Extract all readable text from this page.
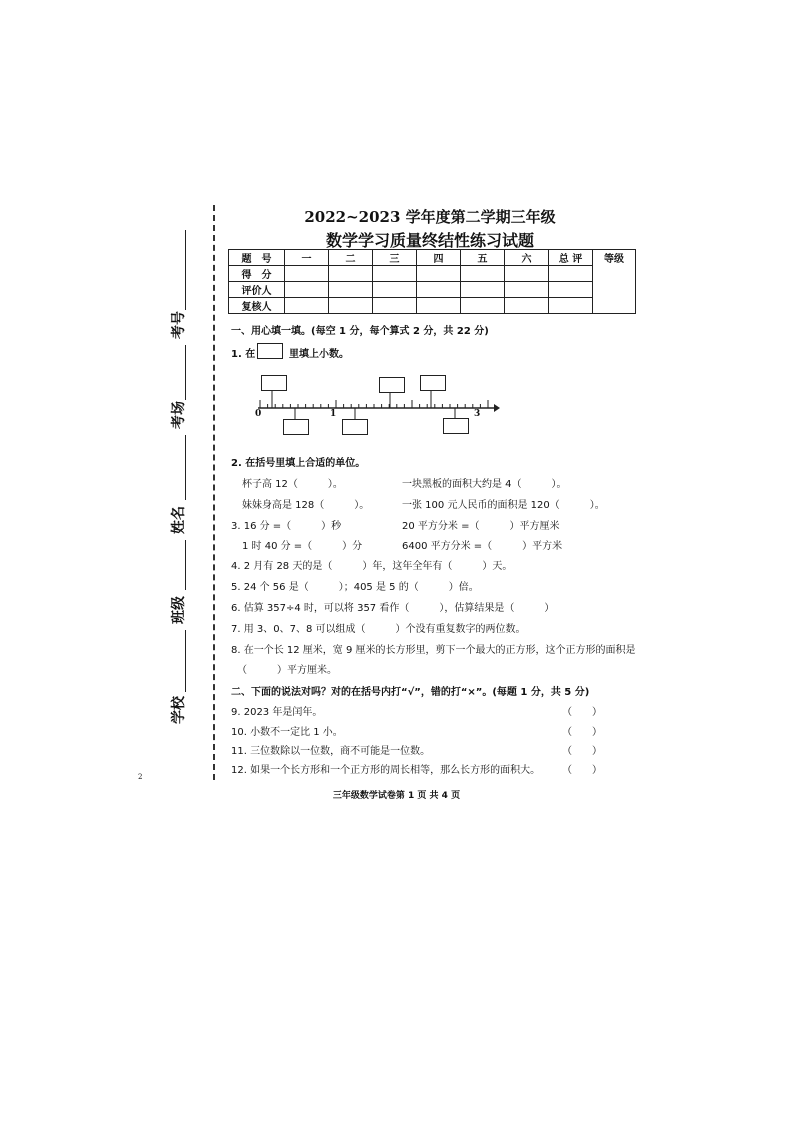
考号
考场
姓名
班级
学校
2
2022~2023 学年度第二学期三年级
数学学习质量终结性练习试题
题　号	一	二	三	四	五	六	总 评	等级
得　分								
评价人								
复核人								
一、用心填一填。(每空 1 分，每个算式 2 分，共 22 分)
1. 在	里填上小数。
0	1	3
2. 在括号里填上合适的单位。
杯子高 12（　　　）。	一块黑板的面积大约是 4（　　　）。
妹妹身高是 128（　　　）。	一张 100 元人民币的面积是 120（　　　）。
3. 16 分 =（　　　）秒	20 平方分米 =（　　　）平方厘米
1 时 40 分 =（　　　）分	6400 平方分米 =（　　　）平方米
4. 2 月有 28 天的是（　　　）年，这年全年有（　　　）天。
5. 24 个 56 是（　　　）；405 是 5 的（　　　）倍。
6. 估算 357÷4 时，可以将 357 看作（　　　），估算结果是（　　　）
7. 用 3、0、7、8 可以组成（　　　）个没有重复数字的两位数。
8. 在一个长 12 厘米，宽 9 厘米的长方形里，剪下一个最大的正方形，这个正方形的面积是
（　　　）平方厘米。
二、下面的说法对吗？对的在括号内打“√”，错的打“×”。(每题 1 分，共 5 分)
9. 2023 年是闰年。	（　　）
10. 小数不一定比 1 小。	（　　）
11. 三位数除以一位数，商不可能是一位数。	（　　）
12. 如果一个长方形和一个正方形的周长相等，那么长方形的面积大。 （　　）
三年级数学试卷第 1 页 共 4 页
